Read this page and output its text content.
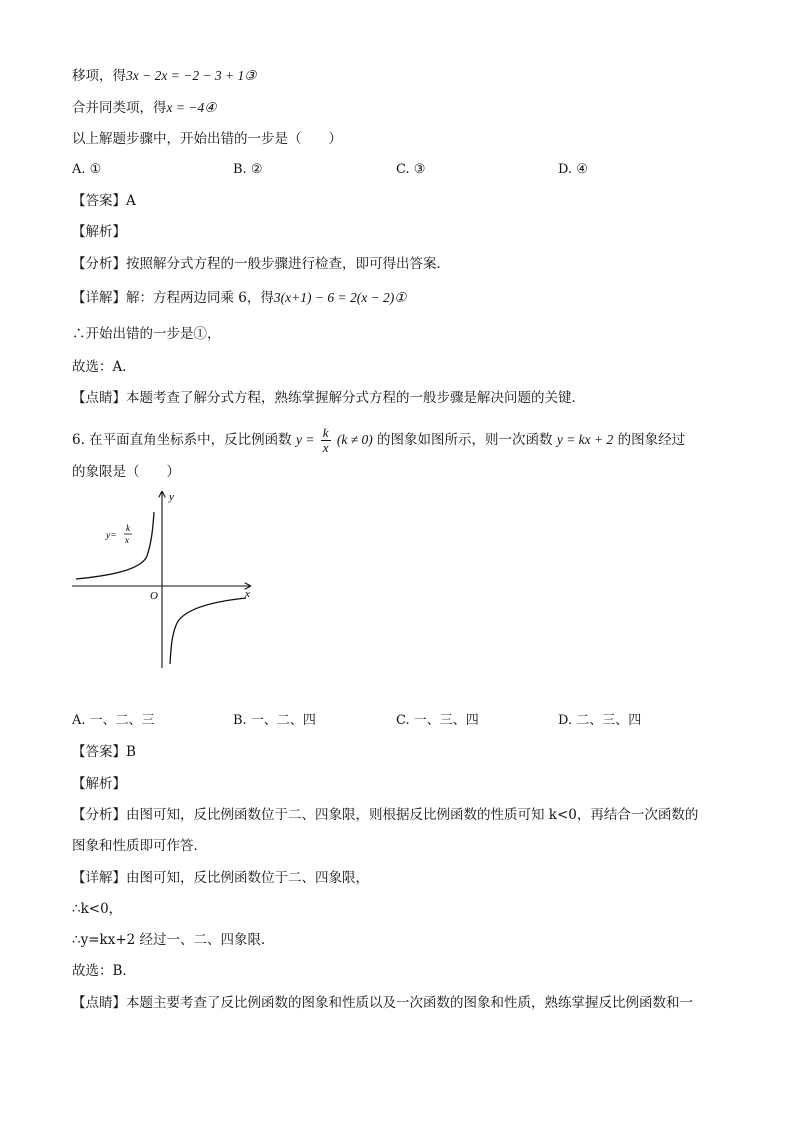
移项，得3x − 2x = −2 − 3 + 1③
合并同类项，得x = −4④
以上解题步骤中，开始出错的一步是（　　）
A. ①	B. ②	C. ③	D. ④
【答案】A
【解析】
【分析】按照解分式方程的一般步骤进行检查，即可得出答案．
【详解】解：方程两边同乘 6，得3(x+1) − 6 = 2(x − 2)①
∴开始出错的一步是①，
故选：A．
【点睛】本题考查了解分式方程，熟练掌握解分式方程的一般步骤是解决问题的关键．
6. 在平面直角坐标系中，反比例函数 $y = \frac{k}{x} (k \ne 0)$ 的图象如图所示，则一次函数 y = kx + 2 的图象经过
的象限是（　　）
y
x
O
y=
k
x
A. 一、二、三	B. 一、二、四	C. 一、三、四	D. 二、三、四
【答案】B
【解析】
【分析】由图可知，反比例函数位于二、四象限，则根据反比例函数的性质可知 k<0，再结合一次函数的
图象和性质即可作答．
【详解】由图可知，反比例函数位于二、四象限，
∴k<0，
∴y=kx+2 经过一、二、四象限．
故选：B．
【点睛】本题主要考查了反比例函数的图象和性质以及一次函数的图象和性质，熟练掌握反比例函数和一
